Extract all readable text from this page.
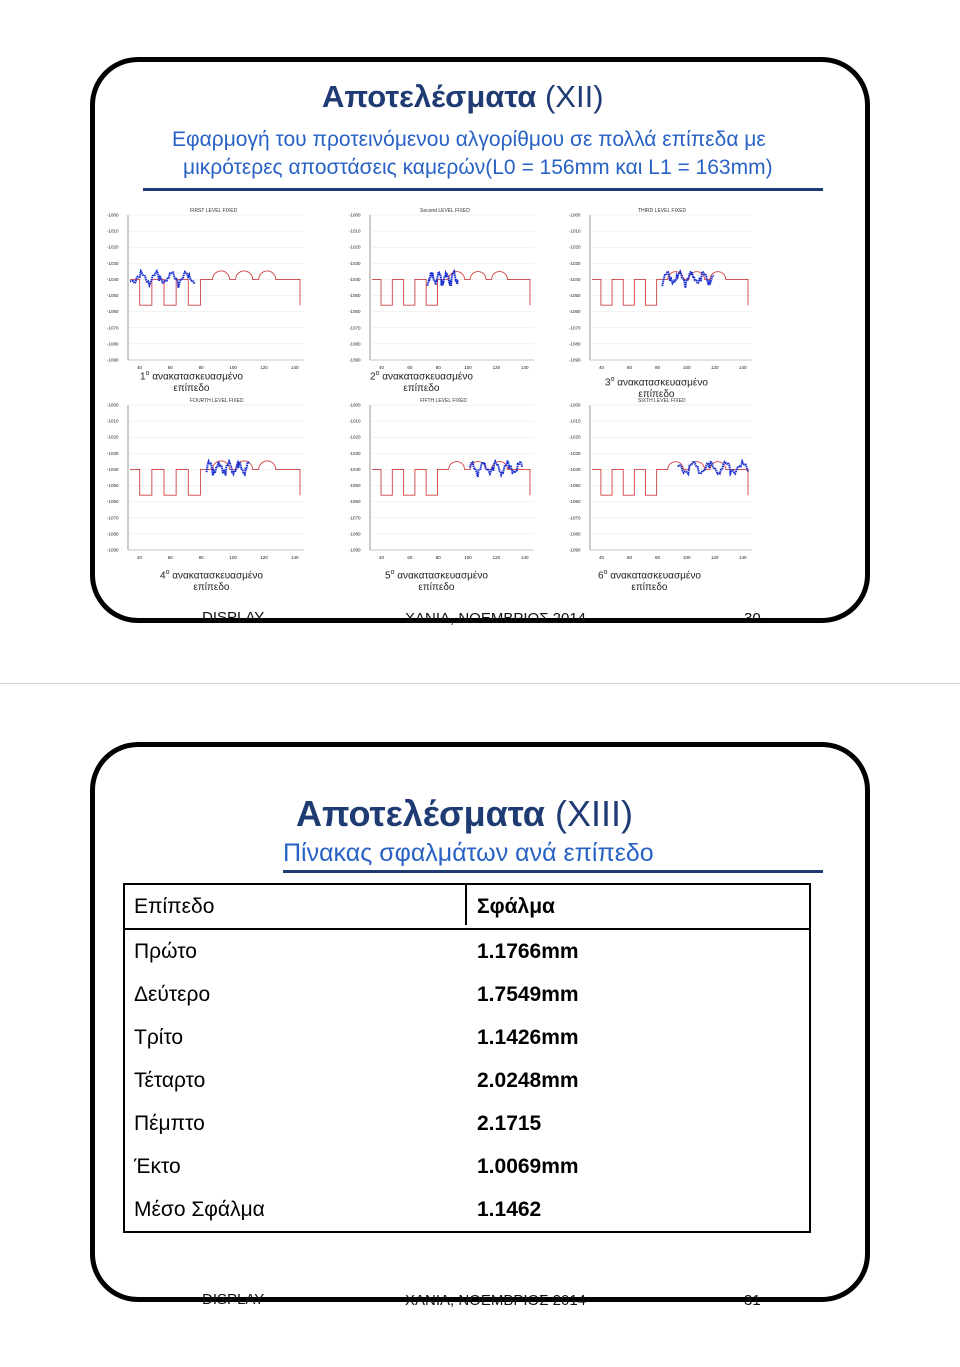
Αποτελέσματα (XII)
Εφαρμογή του προτεινόμενου αλγορίθμου σε πολλά επίπεδα με
μικρότερες αποστάσεις καμερών(L0 = 156mm και L1 = 163mm)
FIRST LEVEL FIXED
-1000
-1010
-1020
-1030
-1040
-1050
-1060
-1070
-1080
-1090
40	60	80	100	120	140
$1^o$ ανακατασκευασμένο
επίπεδο
Second LEVEL FIXED
-1000
-1010
-1020
-1030
-1040
-1050
-1060
-1070
-1080
-1090
40	60	80	100	120	140
$2^o$ ανακατασκευασμένο
επίπεδο
THIRD LEVEL FIXED
-1000
-1010
-1020
-1030
-1040
-1050
-1060
-1070
-1080
-1090
40	60	80	100	120	140
$3^o$ ανακατασκευασμένο
επίπεδο
FOURTH LEVEL FIXED
-1000
-1010
-1020
-1030
-1040
-1050
-1060
-1070
-1080
-1090
40	60	80	100	120	140
$4^o$ ανακατασκευασμένο
επίπεδο
FIFTH LEVEL FIXED
-1000
-1010
-1020
-1030
-1040
-1050
-1060
-1070
-1080
-1090
40	60	80	100	120	140
$5^o$ ανακατασκευασμένο
επίπεδο
SIXTH LEVEL FIXED
-1000
-1010
-1020
-1030
-1040
-1050
-1060
-1070
-1080
-1090
40	60	80	100	120	140
$6^o$ ανακατασκευασμένο
επίπεδο
DISPLAY	ΧΑΝΙΑ, ΝΟΕΜΒΡΙΟΣ 2014	30
Αποτελέσματα (XIII)
Πίνακας σφαλμάτων ανά επίπεδο
Επίπεδο	Σφάλμα
Πρώτο	1.1766mm
Δεύτερο	1.7549mm
Τρίτο	1.1426mm
Τέταρτο	2.0248mm
Πέμπτο	2.1715
Έκτο	1.0069mm
Μέσο Σφάλμα	1.1462
DISPLAY	ΧΑΝΙΑ, ΝΟΕΜΒΡΙΟΣ 2014	31
